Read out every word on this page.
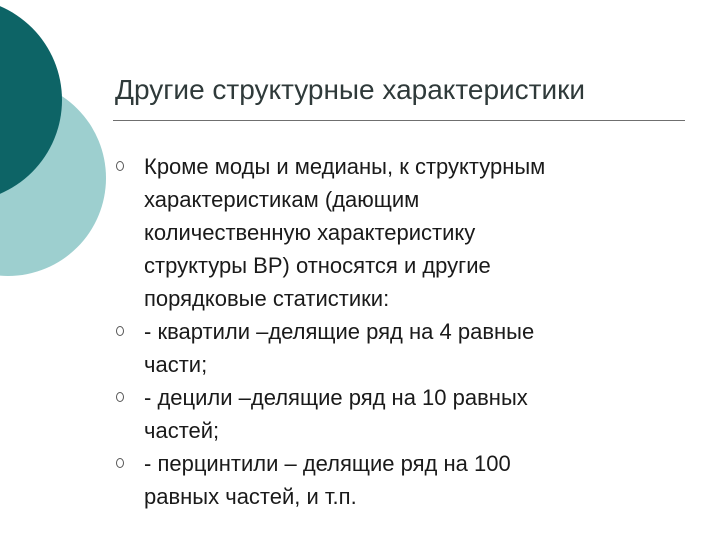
Другие структурные характеристики
Кроме моды и медианы, к структурным
характеристикам (дающим
количественную характеристику
структуры ВР) относятся и другие
порядковые статистики:
- квартили –делящие ряд на 4 равные
части;
- децили –делящие ряд на 10 равных
частей;
- перцинтили – делящие ряд на 100
равных частей, и т.п.
